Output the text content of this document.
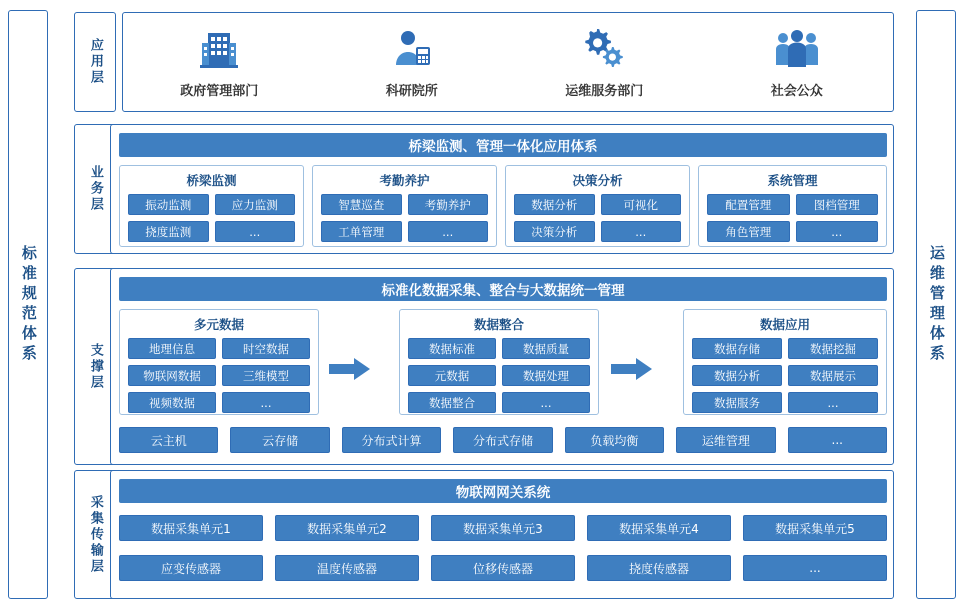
标准规范体系	运维管理体系
应用层
政府管理部门	科研院所	运维服务部门	社会公众
业务层
桥梁监测、管理一体化应用体系
桥梁监测
振动监测	应力监测
挠度监测	...
考勤养护
智慧巡查	考勤养护
工单管理	...
决策分析
数据分析	可视化
决策分析	...
系统管理
配置管理	图档管理
角色管理	...
支撑层
标准化数据采集、整合与大数据统一管理
多元数据
地理信息	时空数据
物联网数据	三维模型
视频数据	...
数据整合
数据标准	数据质量
元数据	数据处理
数据整合	...
数据应用
数据存储	数据挖掘
数据分析	数据展示
数据服务	...
云主机	云存储	分布式计算	分布式存储	负载均衡	运维管理	...
采集传输层
物联网网关系统
数据采集单元1	数据采集单元2	数据采集单元3	数据采集单元4	数据采集单元5
应变传感器	温度传感器	位移传感器	挠度传感器	...
